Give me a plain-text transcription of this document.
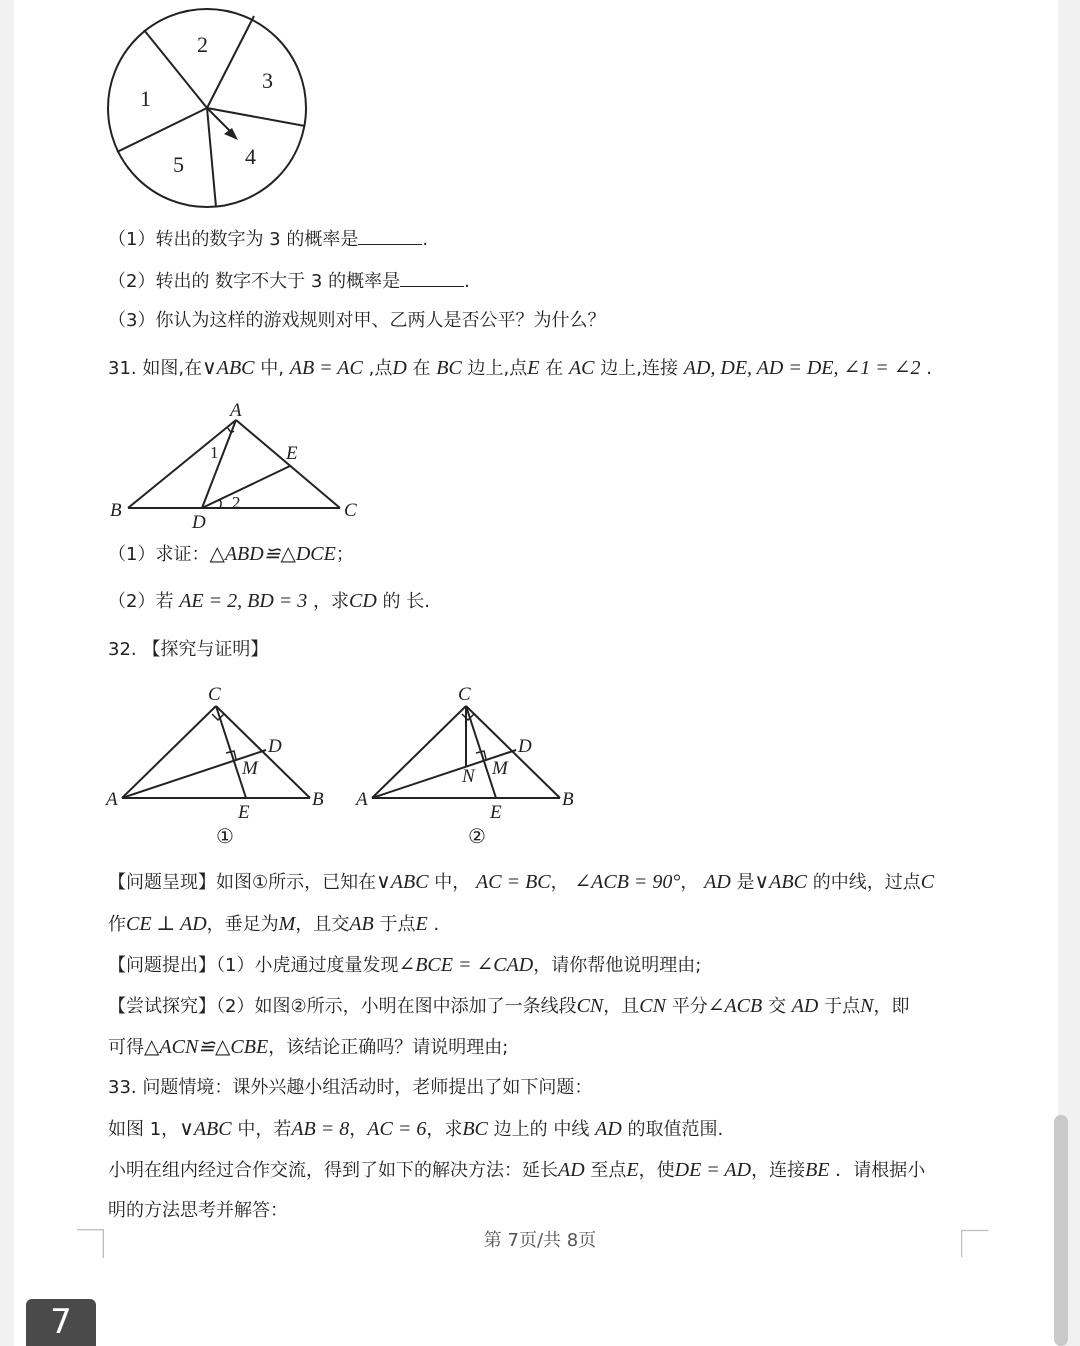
1
2
3
4
5
（1）转出的数字为 3 的概率是	.
（2）转出的 数字不大于 3 的概率是	.
（3）你认为这样的游戏规则对甲、乙两人是否公平？为什么？
31. 如图,在∨ABC 中, AB = AC ,点D 在 BC 边上,点E 在 AC 边上,连接 AD, DE, AD = DE, ∠1 = ∠2 .
A
B	C
D
E
1
2
（1）求证：△ABD≌△DCE；
（2）若 AE = 2, BD = 3 ，求CD 的 长.
32. 【探究与证明】
C
A	B
D
M
E
①
C
A	B
D
M
N
E
②
【问题呈现】如图①所示，已知在∨ABC 中， AC = BC， ∠ACB = 90°， AD 是∨ABC 的中线，过点C
作CE ⊥ AD，垂足为M，且交AB 于点E .
【问题提出】（1）小虎通过度量发现∠BCE = ∠CAD，请你帮他说明理由;
【尝试探究】（2）如图②所示，小明在图中添加了一条线段CN，且CN 平分∠ACB 交 AD 于点N，即
可得△ACN≌△CBE，该结论正确吗？请说明理由;
33. 问题情境：课外兴趣小组活动时，老师提出了如下问题：
如图 1，∨ABC 中，若AB = 8，AC = 6，求BC 边上的 中线 AD 的取值范围.
小明在组内经过合作交流，得到了如下的解决方法：延长AD 至点E，使DE = AD，连接BE ．请根据小
明的方法思考并解答：
第 7页/共 8页
7
